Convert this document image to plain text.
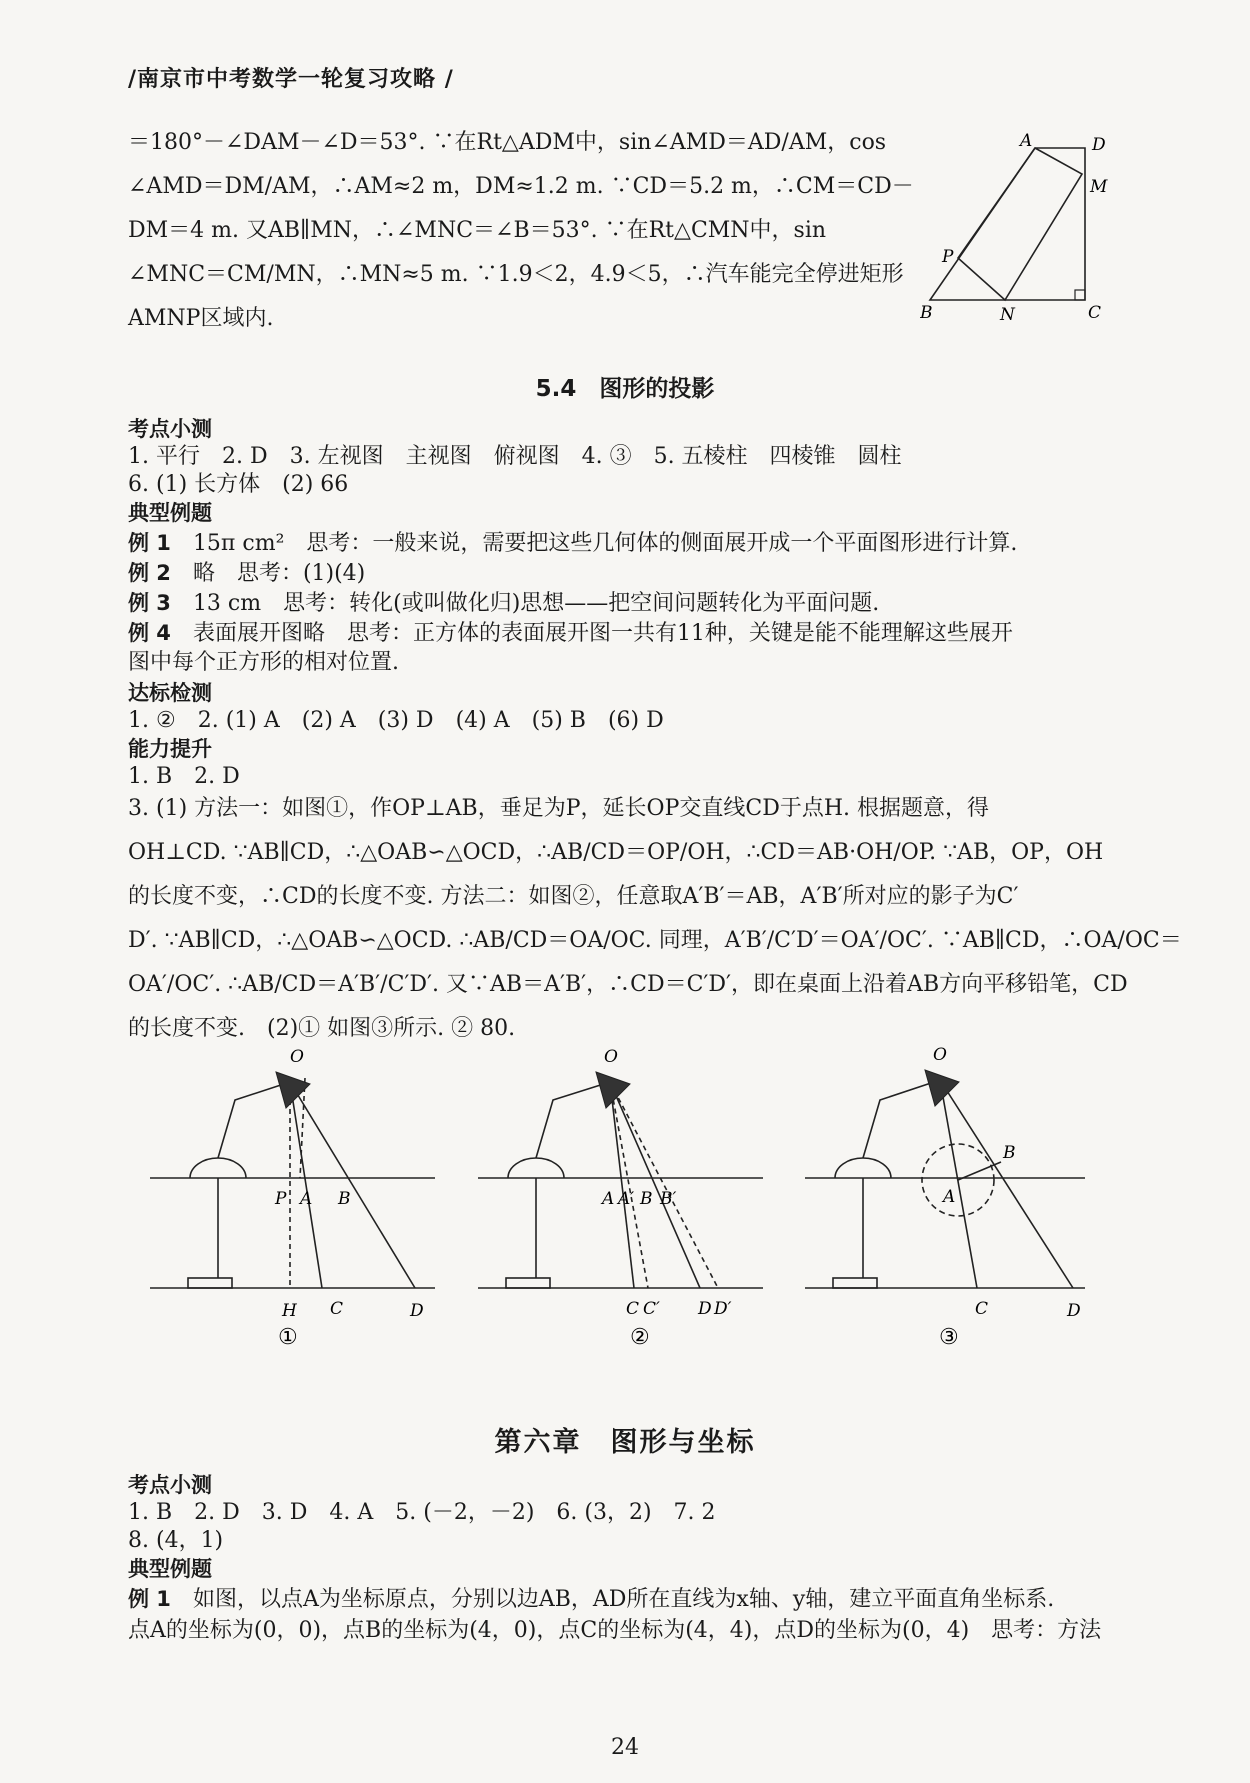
/南京市中考数学一轮复习攻略 /
＝180°－∠DAM－∠D＝53°. ∵在Rt△ADM中，sin∠AMD＝AD/AM，cos
∠AMD＝DM/AM，∴AM≈2 m，DM≈1.2 m. ∵CD＝5.2 m，∴CM＝CD－
DM＝4 m. 又AB∥MN，∴∠MNC＝∠B＝53°. ∵在Rt△CMN中，sin
∠MNC＝CM/MN，∴MN≈5 m. ∵1.9＜2，4.9＜5，∴汽车能完全停进矩形
AMNP区域内.
A	D
M
P
B	N	C
5.4　图形的投影
考点小测
1. 平行　2. D　3. 左视图　主视图　俯视图　4. ③　5. 五棱柱　四棱锥　圆柱
6. (1) 长方体　(2) 66
典型例题
例 1　15π cm²　思考：一般来说，需要把这些几何体的侧面展开成一个平面图形进行计算.
例 2　略　思考：(1)(4)
例 3　13 cm　思考：转化(或叫做化归)思想——把空间问题转化为平面问题.
例 4　表面展开图略　思考：正方体的表面展开图一共有11种，关键是能不能理解这些展开
图中每个正方形的相对位置.
达标检测
1. ②　2. (1) A　(2) A　(3) D　(4) A　(5) B　(6) D
能力提升
1. B　2. D
3. (1) 方法一：如图①，作OP⊥AB，垂足为P，延长OP交直线CD于点H. 根据题意，得
OH⊥CD. ∵AB∥CD，∴△OAB∽△OCD，∴AB/CD＝OP/OH，∴CD＝AB·OH/OP. ∵AB，OP，OH
的长度不变，∴CD的长度不变. 方法二：如图②，任意取A′B′＝AB，A′B′所对应的影子为C′
D′. ∵AB∥CD，∴△OAB∽△OCD. ∴AB/CD＝OA/OC. 同理，A′B′/C′D′＝OA′/OC′. ∵AB∥CD，∴OA/OC＝
OA′/OC′. ∴AB/CD＝A′B′/C′D′. 又∵AB＝A′B′，∴CD＝C′D′，即在桌面上沿着AB方向平移铅笔，CD
的长度不变.　(2)① 如图③所示. ② 80.
O
P A B
H C	D
①
O
A A′ B B′
C C′ D D′
②
O
A
B
C	D
③
第六章　图形与坐标
考点小测
1. B　2. D　3. D　4. A　5. (－2，－2)　6. (3，2)　7. 2
8. (4，1)
典型例题
例 1　如图，以点A为坐标原点，分别以边AB，AD所在直线为x轴、y轴，建立平面直角坐标系.
点A的坐标为(0，0)，点B的坐标为(4，0)，点C的坐标为(4，4)，点D的坐标为(0，4)　思考：方法
24
